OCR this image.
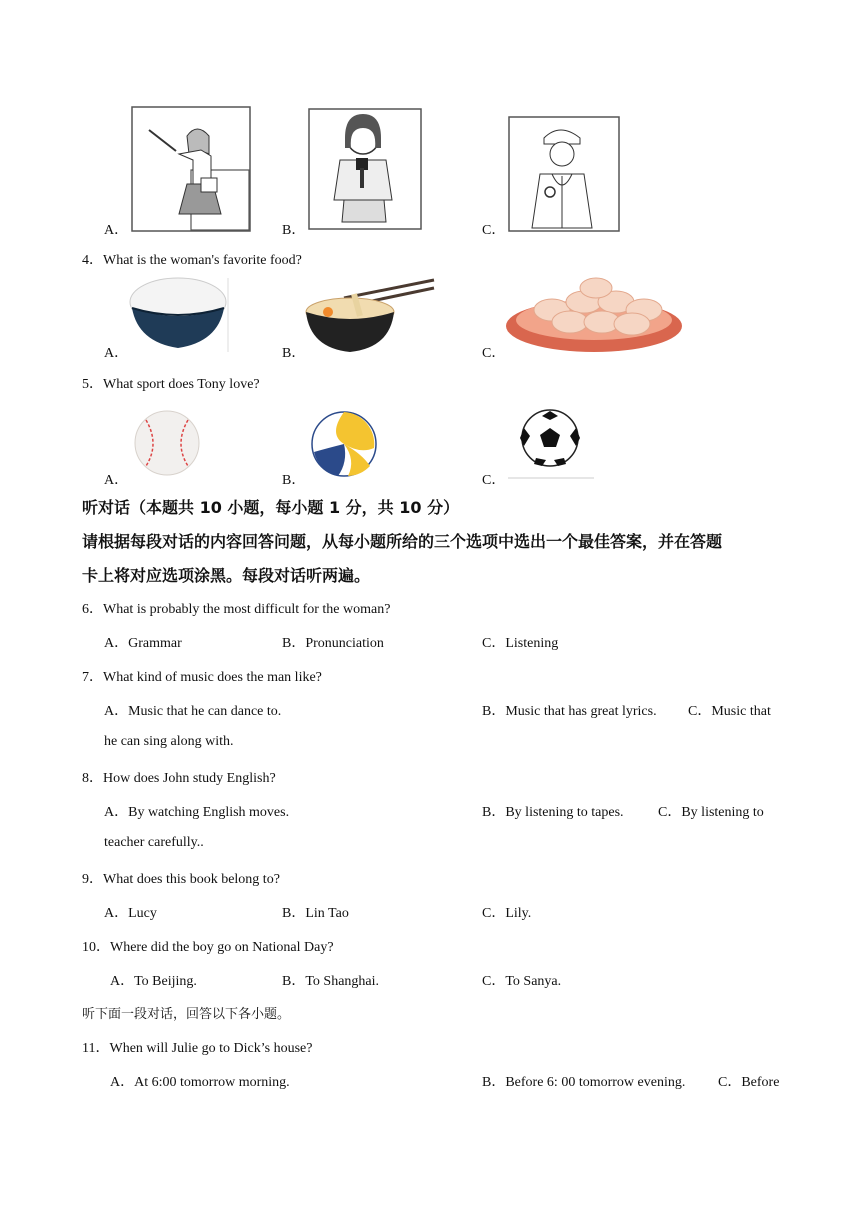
A．	B．	C．
4．What is the woman's favorite food?
A．	B．	C．
5．What sport does Tony love?
A．	B．	C．
听对话（本题共 10 小题，每小题 1 分，共 10 分）
请根据每段对话的内容回答问题，从每小题所给的三个选项中选出一个最佳答案，并在答题
卡上将对应选项涂黑。每段对话听两遍。
6．What is probably the most difficult for the woman?
A．Grammar	B．Pronunciation	C．Listening
7．What kind of music does the man like?
A．Music that he can dance to.	B．Music that has great lyrics. C．Music that
he can sing along with.
8．How does John study English?
A．By watching English moves.	B．By listening to tapes. C．By listening to
teacher carefully..
9．What does this book belong to?
A．Lucy	B．Lin Tao	C．Lily.
10．Where did the boy go on National Day?
A．To Beijing.	B．To Shanghai.	C．To Sanya.
听下面一段对话，回答以下各小题。
11．When will Julie go to Dick’s house?
A．At 6:00 tomorrow morning.	B．Before 6: 00 tomorrow evening. C．Before
